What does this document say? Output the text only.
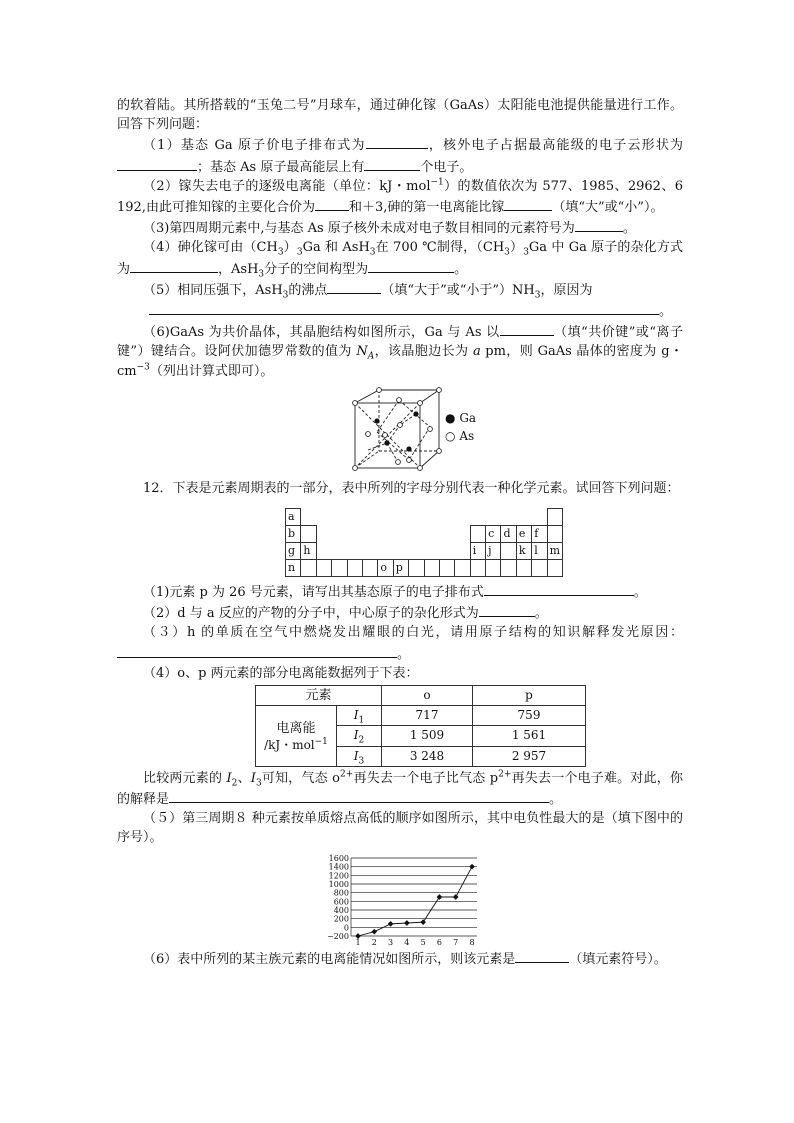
的软着陆。其所搭载的“玉兔二号”月球车，通过砷化镓（GaAs）太阳能电池提供能量进行工作。回答下列问题：

（1）基态 Ga 原子价电子排布式为	，核外电子占据最高能级的电子云形状为；基态 As 原子最高能层上有	个电子。

（2）镓失去电子的逐级电离能（单位：kJ・mol$^{-1}$）的数值依次为 577、1985、2962、6 192,由此可推知镓的主要化合价为	和＋3,砷的第一电离能比镓	（填“大”或“小”）。

（3)第四周期元素中,与基态 As 原子核外未成对电子数目相同的元素符号为	。

（4）砷化镓可由$(CH_3)_3Ga$ 和 AsH$_3$在 700 ℃制得，$(CH_3)_3Ga$ 中 Ga 原子的杂化方式为	，AsH$_3$分子的空间构型为	。

（5）相同压强下，AsH$_3$的沸点	（填“大于”或“小于$”)NH_3$，原因为
。

（6)GaAs 为共价晶体，其晶胞结构如图所示，Ga 与 As 以	（填“共价键”或“离子键”）键结合。设阿伏加德罗常数的值为 $N_A$，该晶胞边长为 a pm，则 GaAs 晶体的密度为 g・$cm^{-3}$（列出计算式即可）。

● Ga
○ As

12．下表是元素周期表的一部分，表中所列的字母分别代表一种化学元素。试回答下列问题：

a																	
b													c	d	e	f	
g	h											i	j		k	l	m
n						o	p										

（1)元素 p 为 26 号元素，请写出其基态原子的电子排布式	。

（2）d 与 a 反应的产物的分子中，中心原子的杂化形式为	。

（３）h 的单质在空气中燃烧发出耀眼的白光，请用原子结构的知识解释发光原因：。

（4）o、p 两元素的部分电离能数据列于下表：

元素		o	p
电离能
/kJ・mol$^{-1}$	$I_1$	717	759
	$I_2$	1 509	1 561
	$I_3$	3 248	2 957

比较两元素的 $I_2$、$I_3$可知，气态 $o^{2+}$再失去一个电子比气态 $p^{2+}$再失去一个电子难。对此，你的解释是	。

（５）第三周期８ 种元素按单质熔点高低的顺序如图所示，其中电负性最大的是（填下图中的序号）。

−200
0
200
400
600
800
1000
1200
1400
1600
1 2 3 4 5 6 7 8

（6）表中所列的某主族元素的电离能情况如图所示，则该元素是	（填元素符号）。
